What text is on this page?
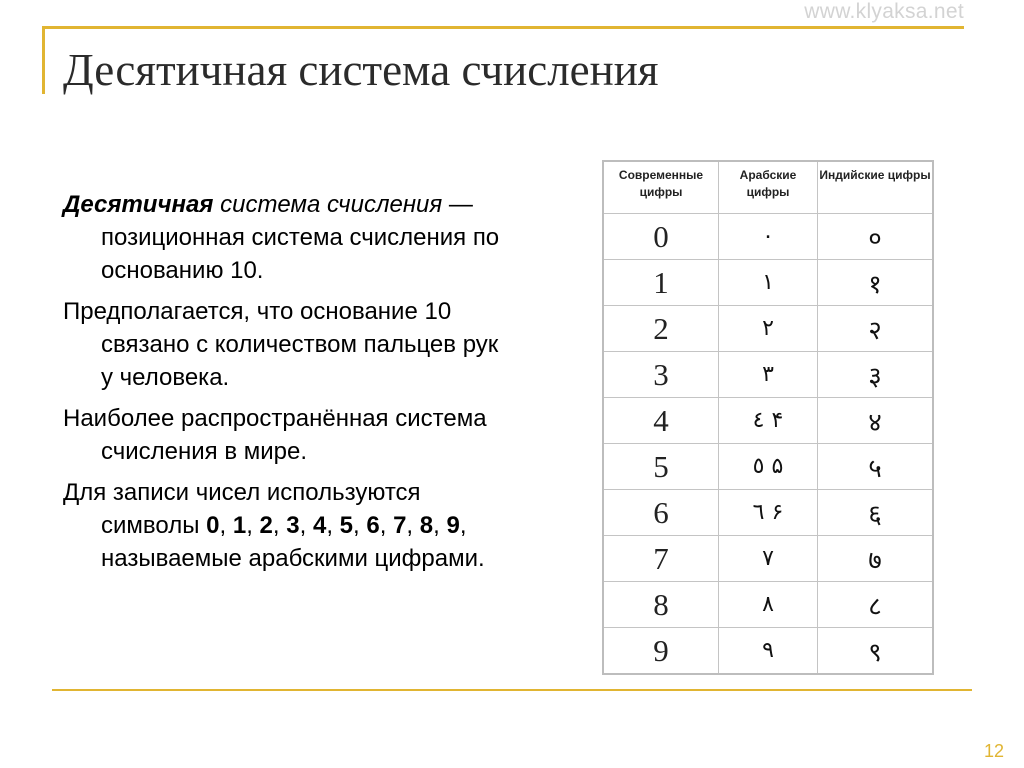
www.klyaksa.net
Десятичная система счисления

Десятичная система счисления — позиционная система счисления по основанию 10.

Предполагается, что основание 10 связано с количеством пальцев рук у человека.

Наиболее распространённая система счисления в мире.

Для записи чисел используются символы 0, 1, 2, 3, 4, 5, 6, 7, 8, 9, называемые арабскими цифрами.

Современные цифры	Арабские цифры	Индийские цифры
0	٠	०
1	١	१
2	٢	२
3	٣	३
4	٤ ۴	४
5	٥ ۵	५
6	٦ ۶	६
7	٧	७
8	٨	८
9	٩	९
12
